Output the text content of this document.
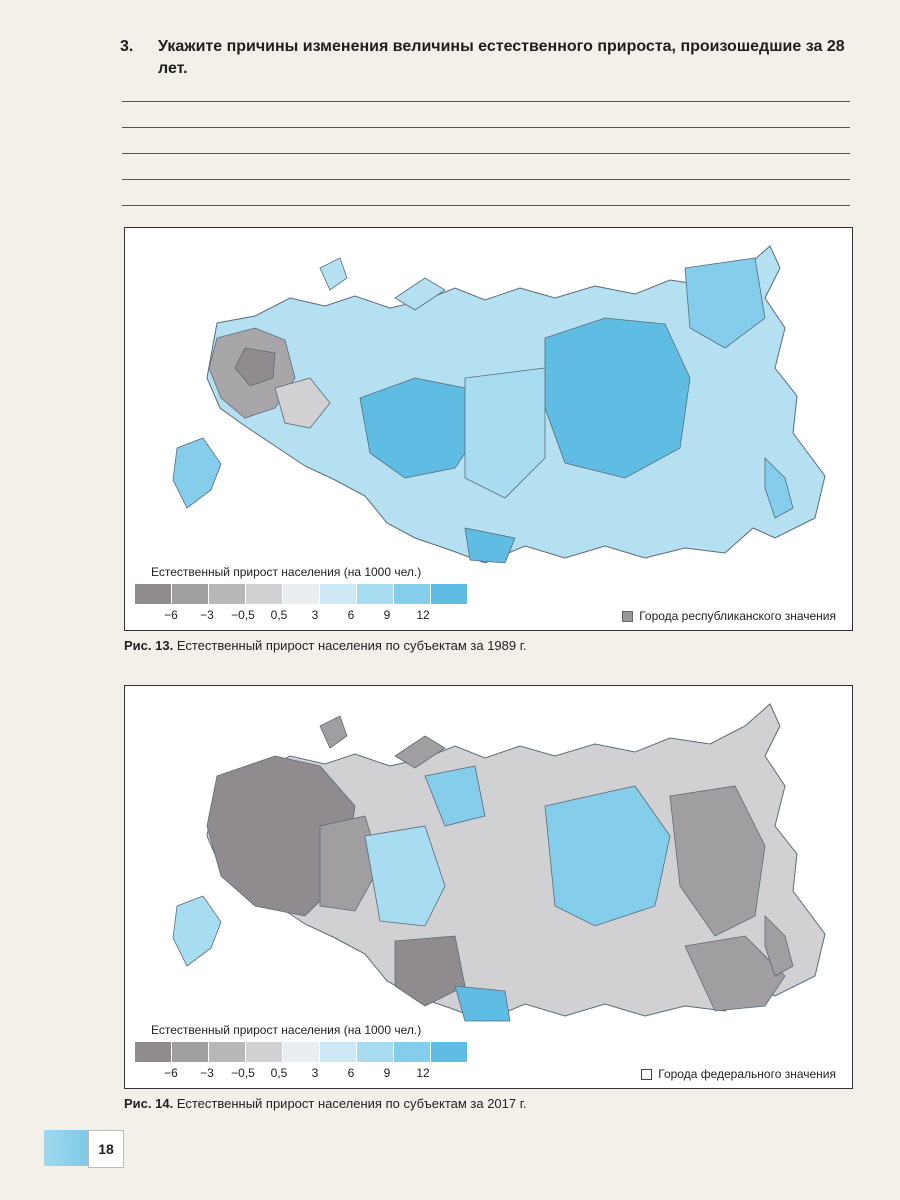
3. Укажите причины изменения величины естественного прироста, произошедшие за 28 лет.
Естественный прирост населения (на 1000 чел.)
−6 −3 −0,5 0,5 3 6 9 12	Города республиканского значения
Рис. 13. Естественный прирост населения по субъектам за 1989 г.
Естественный прирост населения (на 1000 чел.)
−6 −3 −0,5 0,5 3 6 9 12	Города федерального значения
Рис. 14. Естественный прирост населения по субъектам за 2017 г.
18
